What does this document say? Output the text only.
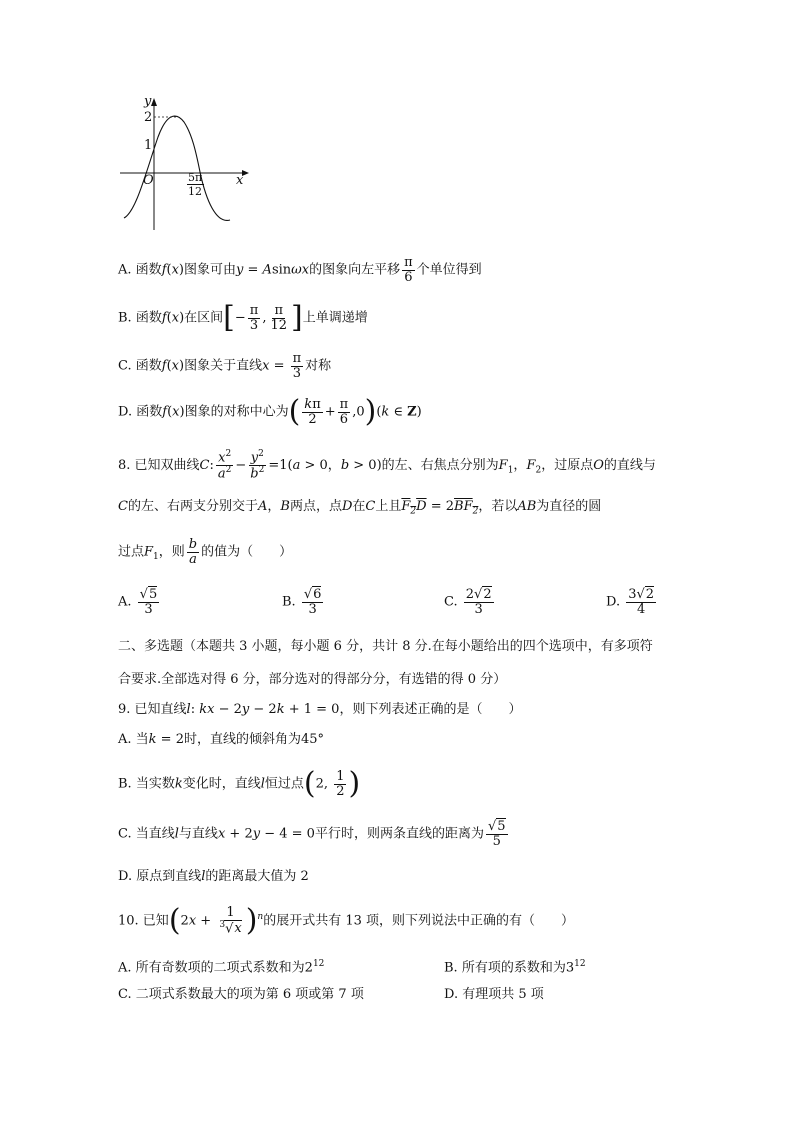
y
x
O
2
1
5π
12
A. 函数f(x)图象可由y = Asinωx的图象向左平移 $\frac{\pi}{6}$ 个单位得到
B. 函数f(x)在区间[− $\frac{\pi}{3}$ , $\frac{\pi}{12}$ ]上单调递增
C. 函数f(x)图象关于直线$x = \frac{\pi}{3}$ 对称
D. 函数f(x)图象的对称中心为( $\frac{k\pi}{2} + \frac{\pi}{6} ,0)(k$ ∈ Z)
8. 已知双曲线C: $\frac{x^2}{a^2} - \frac{y^2}{b^2} =1(a > 0$，b > 0)的左、右焦点分别为$F_1$，$F_2$，过原点O的直线与
C的左、右两支分别交于A，B两点，点D在C上且$F_2D = 2BF_2$，若以AB为直径的圆
过点$F_1$，则 $\frac{b}{a}$ 的值为（　　）
A. $\frac{√5}{3}$	B. $\frac{√6}{3}$	C. $\frac{2√2}{3}$	D. $\frac{3√2}{4}$
二、多选题（本题共 3 小题，每小题 6 分，共计 8 分.在每小题给出的四个选项中，有多项符
合要求.全部选对得 6 分，部分选对的得部分分，有选错的得 0 分）
9. 已知直线l: kx − 2y − 2k + 1 = 0，则下列表述正确的是（　　）
A. 当k = 2时，直线的倾斜角为45°
B. 当实数k变化时，直线l恒过点(2, $\frac{1}{2}$ )
C. 当直线l与直线x + 2y − 4 = 0平行时，则两条直线的距离为 $\frac{√5}{5}$
D. 原点到直线l的距离最大值为 2
10. 已知$(2x + \frac{1}{^3√x} )^n$的展开式共有 13 项，则下列说法中正确的有（　　）
A. 所有奇数项的二项式系数和为$2^{12}$	B. 所有项的系数和为$3^{12}$
C. 二项式系数最大的项为第 6 项或第 7 项	D. 有理项共 5 项
